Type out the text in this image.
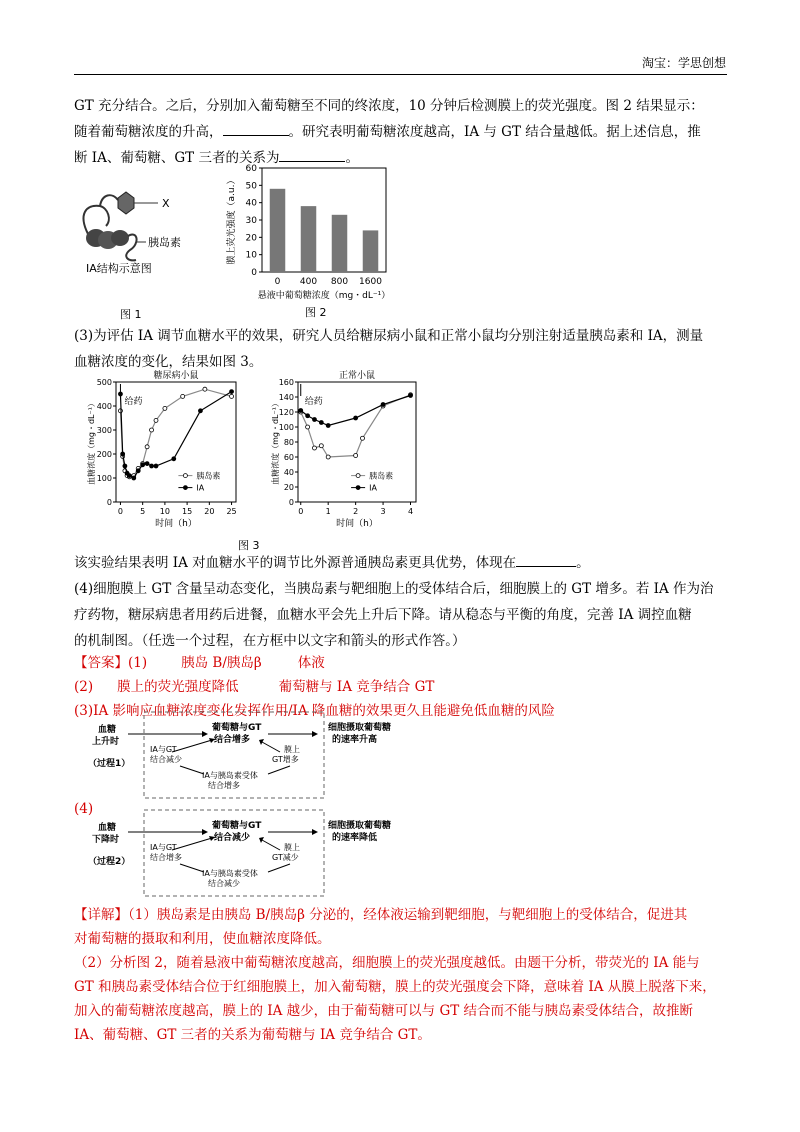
淘宝：学思创想
GT 充分结合。之后，分别加入葡萄糖至不同的终浓度，10 分钟后检测膜上的荧光强度。图 2 结果显示：
随着葡萄糖浓度的升高，	。研究表明葡萄糖浓度越高，IA 与 GT 结合量越低。据上述信息，推
断 IA、葡萄糖、GT 三者的关系为	。
X
胰岛素
IA结构示意图
图 1
0
10
20
30
40
50
60
0 400 800 1600
悬液中葡萄糖浓度（mg・dL⁻¹）
膜上荧光强度（a.u.）
图 2
(3)为评估 IA 调节血糖水平的效果，研究人员给糖尿病小鼠和正常小鼠均分别注射适量胰岛素和 IA，测量
血糖浓度的变化，结果如图 3。
糖尿病小鼠
0
100
200
300
400
500
0 5 10 15 20 25
时间（h）
血糖浓度（mg・dL⁻¹）	给药
胰岛素
IA
正常小鼠
0
20
40
60
80
100
120
140
160
0	1	2	3	4
时间（h）
血糖浓度（mg・dL⁻¹）	给药
胰岛素
IA
图 3
该实验结果表明 IA 对血糖水平的调节比外源普通胰岛素更具优势，体现在	。
(4)细胞膜上 GT 含量呈动态变化，当胰岛素与靶细胞上的受体结合后，细胞膜上的 GT 增多。若 IA 作为治
疗药物，糖尿病患者用药后进餐，血糖水平会先上升后下降。请从稳态与平衡的角度，完善 IA 调控血糖
的机制图。（任选一个过程，在方框中以文字和箭头的形式作答。）
【答案】(1)	胰岛 B/胰岛β	体液
(2) 膜上的荧光强度降低	葡萄糖与 IA 竞争结合 GT
(3)IA 影响应血糖浓度变化发挥作用/IA 降血糖的效果更久且能避免低血糖的风险
(4)
血糖
上升时
（过程1）
葡萄糖与GT
结合增多
细胞摄取葡萄糖
的速率升高
IA与GT
结合减少
膜上
GT增多
IA与胰岛素受体
结合增多
血糖
下降时
（过程2）
葡萄糖与GT
结合减少
细胞摄取葡萄糖
的速率降低
IA与GT
结合增多
膜上
GT减少
IA与胰岛素受体
结合减少
【详解】（1）胰岛素是由胰岛 B/胰岛β 分泌的，经体液运输到靶细胞，与靶细胞上的受体结合，促进其
对葡萄糖的摄取和利用，使血糖浓度降低。
（2）分析图 2，随着悬液中葡萄糖浓度越高，细胞膜上的荧光强度越低。由题干分析，带荧光的 IA 能与
GT 和胰岛素受体结合位于红细胞膜上，加入葡萄糖，膜上的荧光强度会下降，意味着 IA 从膜上脱落下来，
加入的葡萄糖浓度越高，膜上的 IA 越少，由于葡萄糖可以与 GT 结合而不能与胰岛素受体结合，故推断
IA、葡萄糖、GT 三者的关系为葡萄糖与 IA 竞争结合 GT。
